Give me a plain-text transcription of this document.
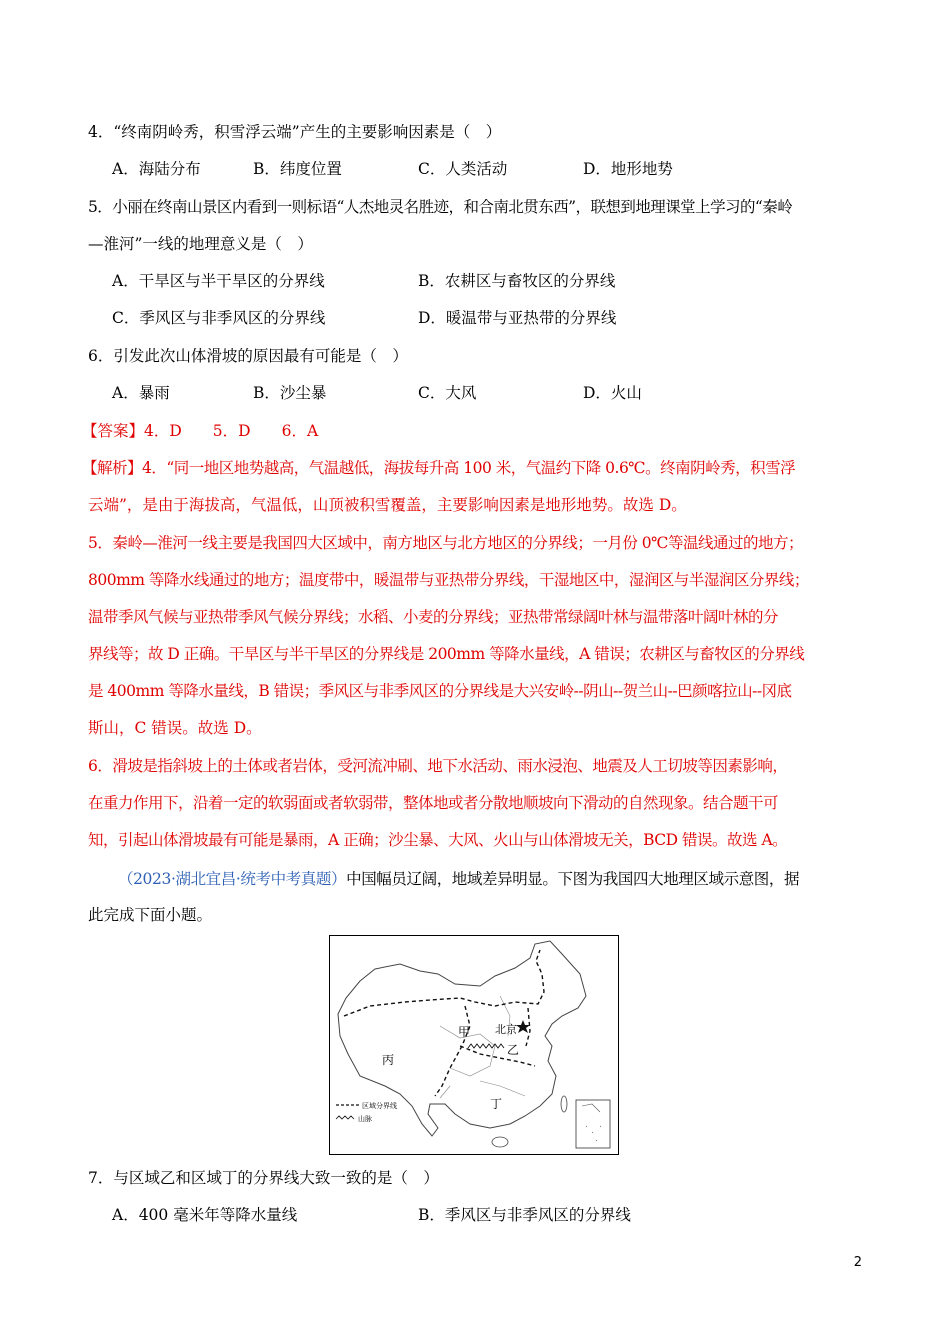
4．“终南阴岭秀，积雪浮云端”产生的主要影响因素是（　）
A．海陆分布	B．纬度位置	C．人类活动	D．地形地势
5．小丽在终南山景区内看到一则标语“人杰地灵名胜迹，和合南北贯东西”，联想到地理课堂上学习的“秦岭
—淮河”一线的地理意义是（　）
A．干旱区与半干旱区的分界线	B．农耕区与畜牧区的分界线
C．季风区与非季风区的分界线	D．暖温带与亚热带的分界线
6．引发此次山体滑坡的原因最有可能是（　）
A．暴雨	B．沙尘暴	C．大风	D．火山
【答案】4．D　　5．D　　6．A
【解析】4．“同一地区地势越高，气温越低，海拔每升高 100 米，气温约下降 0.6℃。终南阴岭秀，积雪浮
云端”，是由于海拔高，气温低，山顶被积雪覆盖，主要影响因素是地形地势。故选 D。
5．秦岭—淮河一线主要是我国四大区域中，南方地区与北方地区的分界线；一月份 0℃等温线通过的地方；
800mm 等降水线通过的地方；温度带中，暖温带与亚热带分界线，干湿地区中，湿润区与半湿润区分界线；
温带季风气候与亚热带季风气候分界线；水稻、小麦的分界线；亚热带常绿阔叶林与温带落叶阔叶林的分
界线等；故 D 正确。干旱区与半干旱区的分界线是 200mm 等降水量线，A 错误；农耕区与畜牧区的分界线
是 400mm 等降水量线，B 错误；季风区与非季风区的分界线是大兴安岭--阴山--贺兰山--巴颜喀拉山--冈底
斯山，C 错误。故选 D。
6．滑坡是指斜坡上的土体或者岩体，受河流冲刷、地下水活动、雨水浸泡、地震及人工切坡等因素影响，
在重力作用下，沿着一定的软弱面或者软弱带，整体地或者分散地顺坡向下滑动的自然现象。结合题干可
知，引起山体滑坡最有可能是暴雨，A 正确；沙尘暴、大风、火山与山体滑坡无关，BCD 错误。故选 A。
（2023·湖北宜昌·统考中考真题）中国幅员辽阔，地域差异明显。下图为我国四大地理区域示意图，据
此完成下面小题。
甲 北京
乙
丙
丁
区域分界线
山脉
7．与区域乙和区域丁的分界线大致一致的是（　）
A．400 毫米年等降水量线	B．季风区与非季风区的分界线
2
